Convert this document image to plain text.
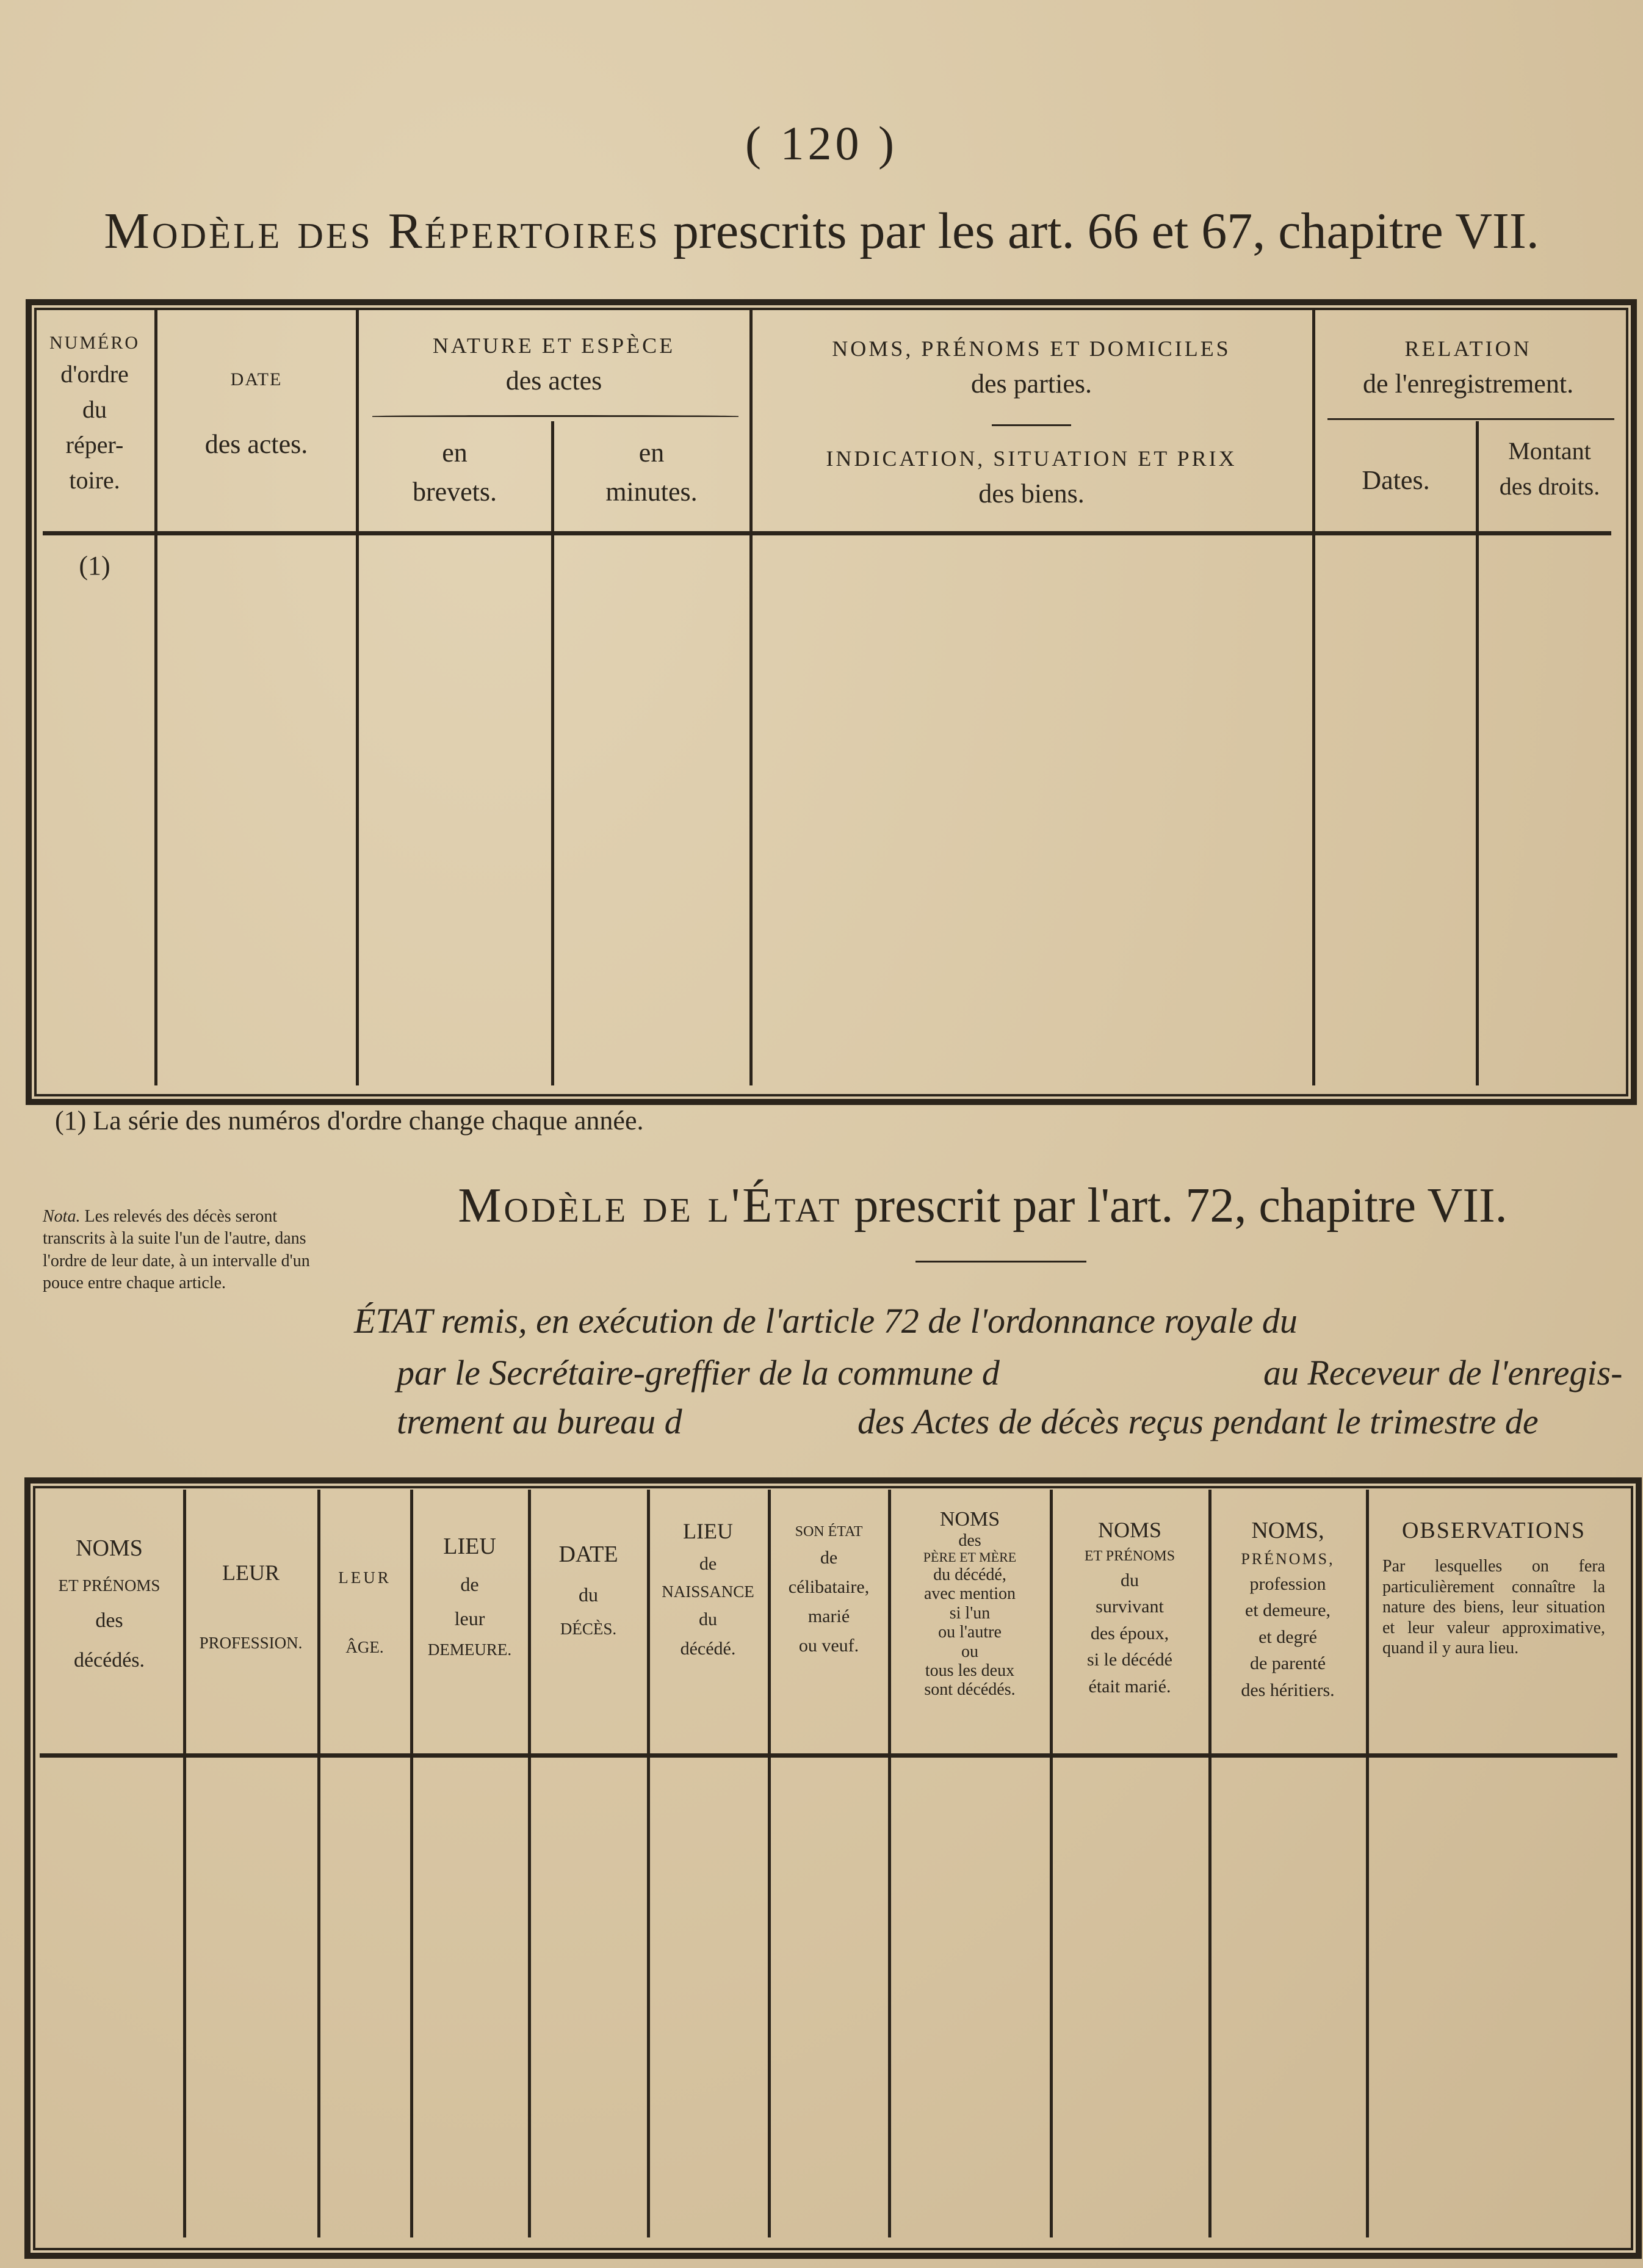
( 120 )
Modèle des Répertoires prescrits par les art. 66 et 67, chapitre VII.
NUMÉRO
d'ordre
du
réper-
toire.
DATE
des actes.
NATURE ET ESPÈCE
des actes
en
brevets.
en
minutes.
NOMS, PRÉNOMS ET DOMICILES
des parties.
INDICATION, SITUATION ET PRIX
des biens.
RELATION
de l'enregistrement.
Dates.
Montant
des droits.
(1)
(1) La série des numéros d'ordre change chaque année.
Nota. Les relevés des décès seront transcrits à la suite l'un de l'autre, dans l'ordre de leur date, à un intervalle d'un pouce entre chaque article.
Modèle de l'État prescrit par l'art. 72, chapitre VII.
ÉTAT remis, en exécution de l'article 72 de l'ordonnance royale du
par le Secrétaire-greffier de la commune d	au Receveur de l'enregis-
trement au bureau d	des Actes de décès reçus pendant le trimestre de
NOMS
ET PRÉNOMS
des
décédés.
LEUR
PROFESSION.
LEUR
ÂGE.
LIEU
de
leur
DEMEURE.
DATE
du
DÉCÈS.
LIEU
de
NAISSANCE
du
décédé.
SON ÉTAT
de
célibataire,
marié
ou veuf.
NOMS
des
PÈRE ET MÈRE
du décédé,
avec mention
si l'un
ou l'autre
ou
tous les deux
sont décédés.
NOMS
ET PRÉNOMS
du
survivant
des époux,
si le décédé
était marié.
NOMS,
PRÉNOMS,
profession
et demeure,
et degré
de parenté
des héritiers.
OBSERVATIONS
Par lesquelles on fera particulièrement connaître la nature des biens, leur situation et leur valeur approximative, quand il y aura lieu.
